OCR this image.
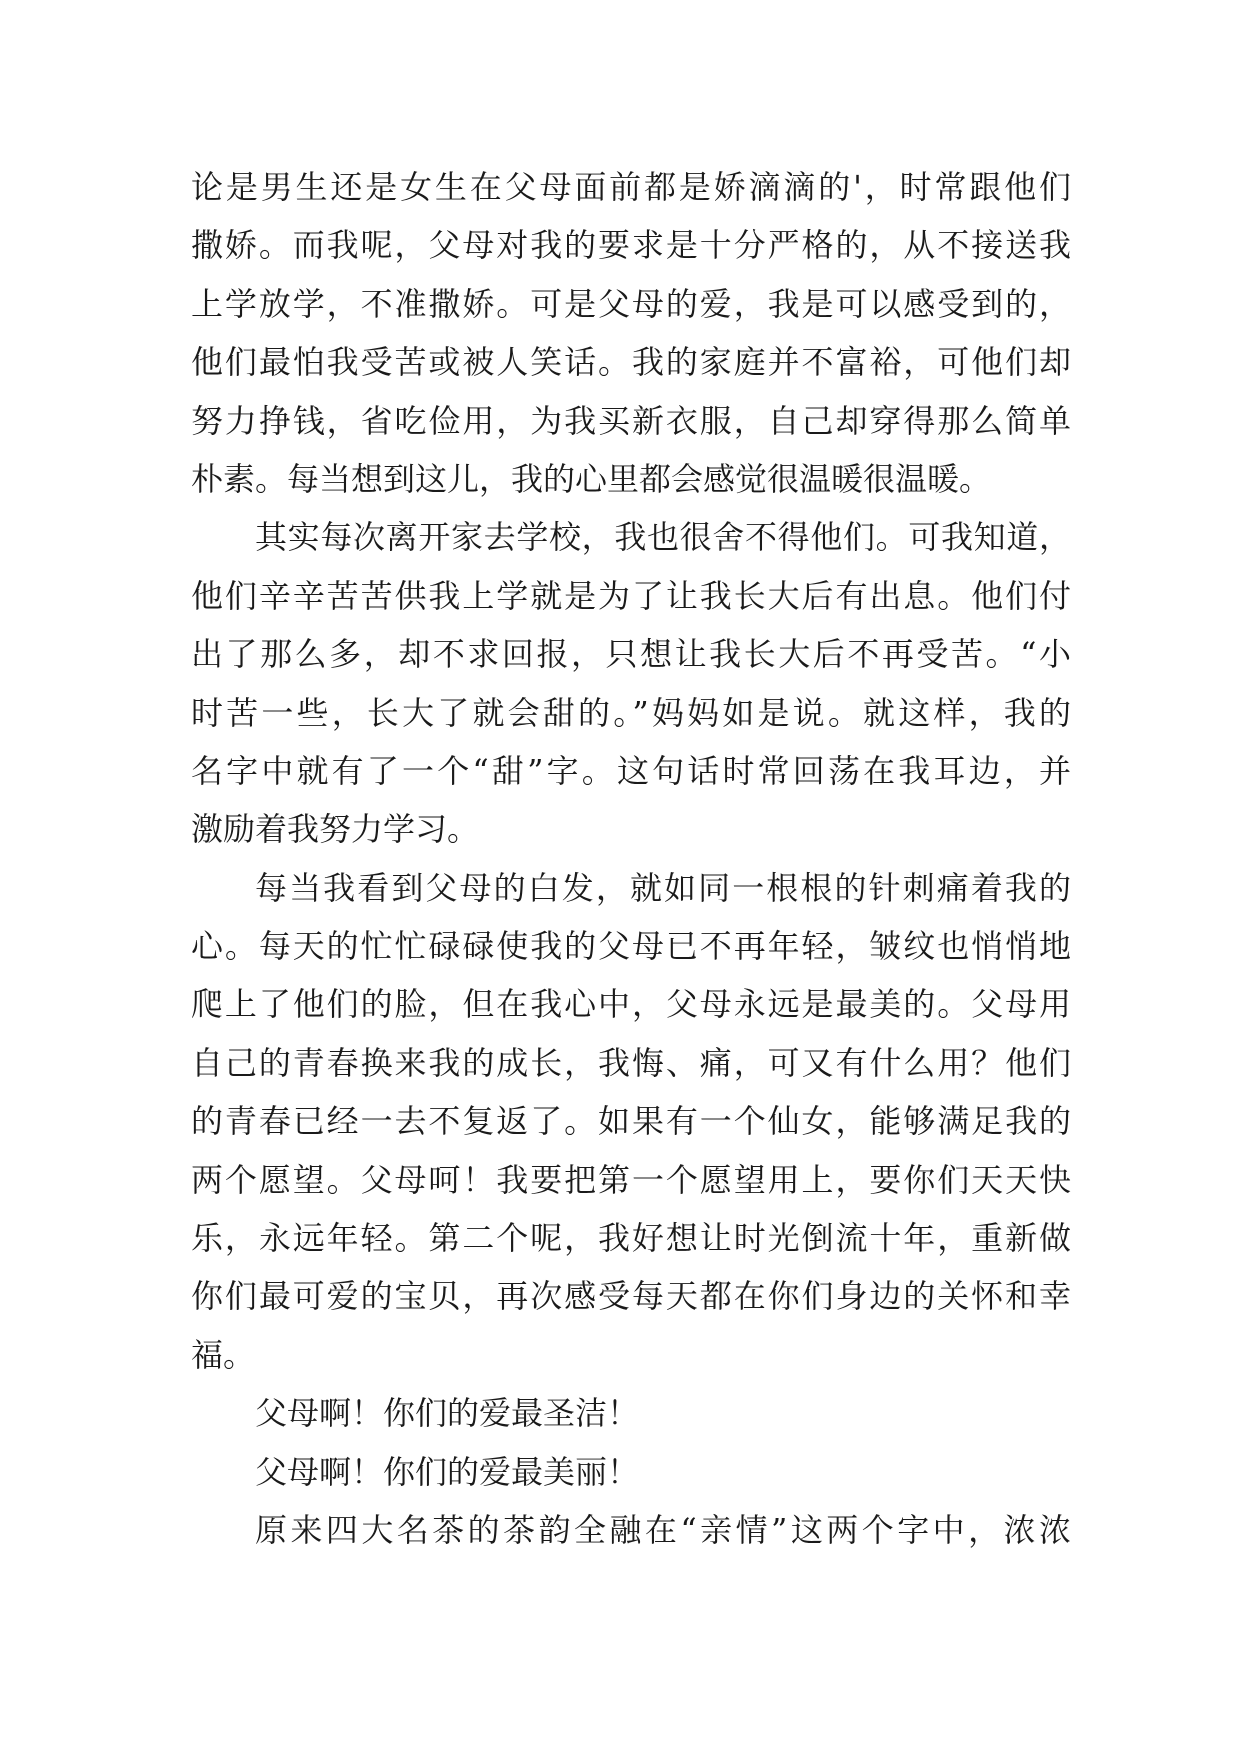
论是男生还是女生在父母面前都是娇滴滴的'，时常跟他们
撒娇。而我呢，父母对我的要求是十分严格的，从不接送我
上学放学，不准撒娇。可是父母的爱，我是可以感受到的，
他们最怕我受苦或被人笑话。我的家庭并不富裕，可他们却
努力挣钱，省吃俭用，为我买新衣服，自己却穿得那么简单
朴素。每当想到这儿，我的心里都会感觉很温暖很温暖。
其实每次离开家去学校，我也很舍不得他们。可我知道，
他们辛辛苦苦供我上学就是为了让我长大后有出息。他们付
出了那么多，却不求回报，只想让我长大后不再受苦。“小
时苦一些，长大了就会甜的。”妈妈如是说。就这样，我的
名字中就有了一个“甜”字。这句话时常回荡在我耳边，并
激励着我努力学习。
每当我看到父母的白发，就如同一根根的针刺痛着我的
心。每天的忙忙碌碌使我的父母已不再年轻，皱纹也悄悄地
爬上了他们的脸，但在我心中，父母永远是最美的。父母用
自己的青春换来我的成长，我悔、痛，可又有什么用？他们
的青春已经一去不复返了。如果有一个仙女，能够满足我的
两个愿望。父母呵！我要把第一个愿望用上，要你们天天快
乐，永远年轻。第二个呢，我好想让时光倒流十年，重新做
你们最可爱的宝贝，再次感受每天都在你们身边的关怀和幸
福。
父母啊！你们的爱最圣洁！
父母啊！你们的爱最美丽！
原来四大名茶的茶韵全融在“亲情”这两个字中，浓浓
